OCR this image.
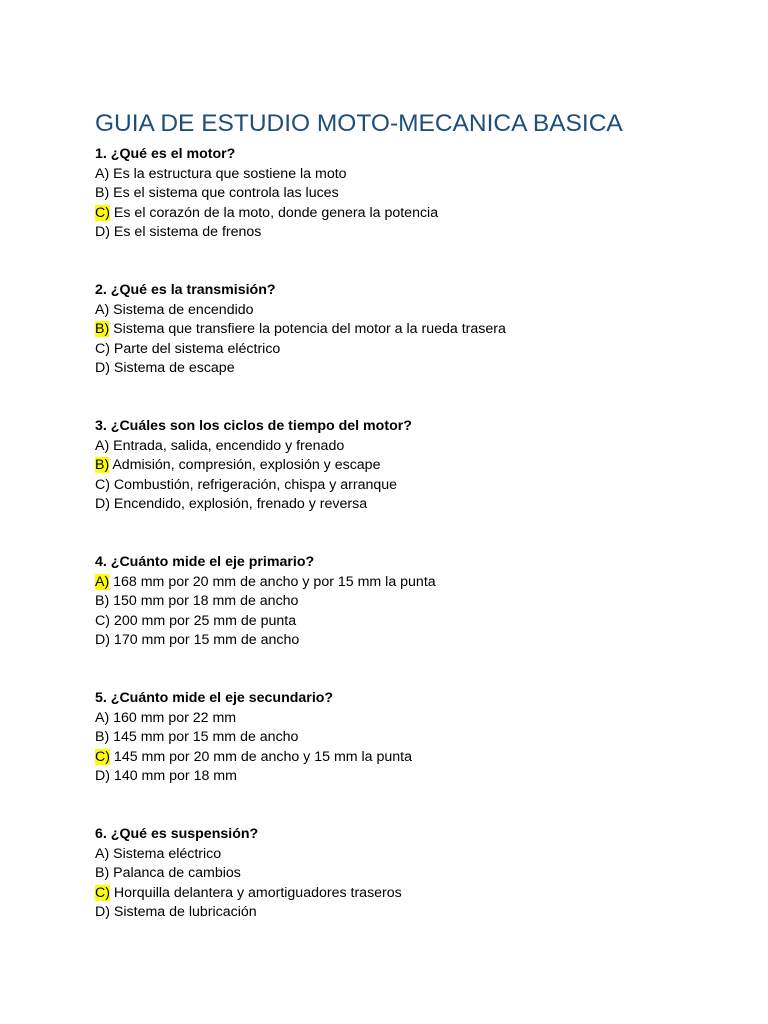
GUIA DE ESTUDIO MOTO-MECANICA BASICA
1. ¿Qué es el motor?
A) Es la estructura que sostiene la moto
B) Es el sistema que controla las luces
C) Es el corazón de la moto, donde genera la potencia
D) Es el sistema de frenos
2. ¿Qué es la transmisión?
A) Sistema de encendido
B) Sistema que transfiere la potencia del motor a la rueda trasera
C) Parte del sistema eléctrico
D) Sistema de escape
3. ¿Cuáles son los ciclos de tiempo del motor?
A) Entrada, salida, encendido y frenado
B) Admisión, compresión, explosión y escape
C) Combustión, refrigeración, chispa y arranque
D) Encendido, explosión, frenado y reversa
4. ¿Cuánto mide el eje primario?
A) 168 mm por 20 mm de ancho y por 15 mm la punta
B) 150 mm por 18 mm de ancho
C) 200 mm por 25 mm de punta
D) 170 mm por 15 mm de ancho
5. ¿Cuánto mide el eje secundario?
A) 160 mm por 22 mm
B) 145 mm por 15 mm de ancho
C) 145 mm por 20 mm de ancho y 15 mm la punta
D) 140 mm por 18 mm
6. ¿Qué es suspensión?
A) Sistema eléctrico
B) Palanca de cambios
C) Horquilla delantera y amortiguadores traseros
D) Sistema de lubricación
